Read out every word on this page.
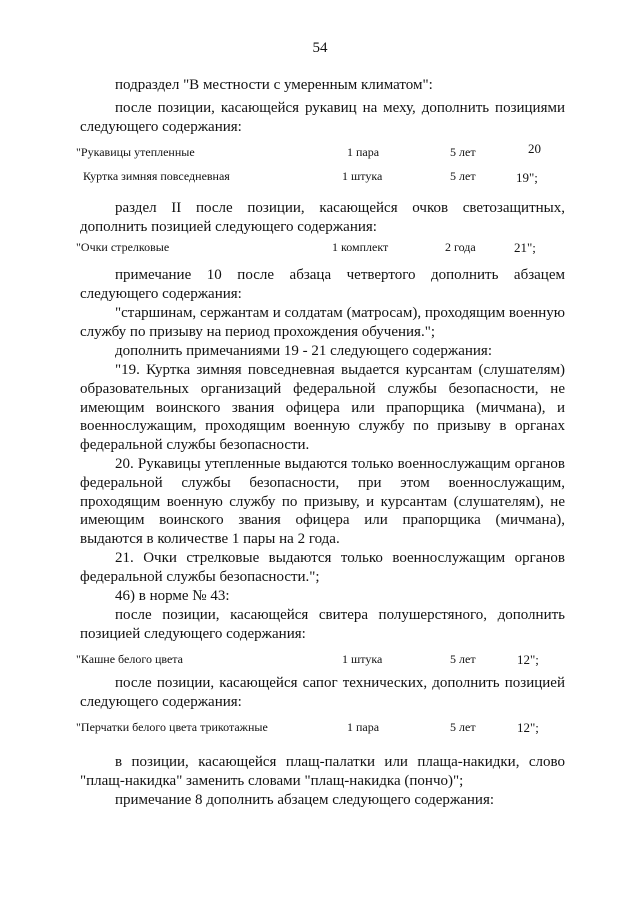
54

подраздел "В местности с умеренным климатом":

после позиции, касающейся рукавиц на меху, дополнить позициями следующего содержания:

"Рукавицы утепленные	1 пара	5 лет	20
Куртка зимняя повседневная	1 штука	5 лет	19";

раздел II после позиции, касающейся очков светозащитных, дополнить позицией следующего содержания:

"Очки стрелковые	1 комплект	2 года	21";

примечание 10 после абзаца четвертого дополнить абзацем следующего содержания:

"старшинам, сержантам и солдатам (матросам), проходящим военную службу по призыву на период прохождения обучения.";

дополнить примечаниями 19 - 21 следующего содержания:

"19. Куртка зимняя повседневная выдается курсантам (слушателям) образовательных организаций федеральной службы безопасности, не имеющим воинского звания офицера или прапорщика (мичмана), и военнослужащим, проходящим военную службу по призыву в органах федеральной службы безопасности.

20. Рукавицы утепленные выдаются только военнослужащим органов федеральной службы безопасности, при этом военнослужащим, проходящим военную службу по призыву, и курсантам (слушателям), не имеющим воинского звания офицера или прапорщика (мичмана), выдаются в количестве 1 пары на 2 года.

21. Очки стрелковые выдаются только военнослужащим органов федеральной службы безопасности.";

46) в норме № 43:

после позиции, касающейся свитера полушерстяного, дополнить позицией следующего содержания:

"Кашне белого цвета	1 штука	5 лет	12";

после позиции, касающейся сапог технических, дополнить позицией следующего содержания:

"Перчатки белого цвета трикотажные	1 пара	5 лет	12";

в позиции, касающейся плащ-палатки или плаща-накидки, слово "плащ-накидка" заменить словами "плащ-накидка (пончо)";

примечание 8 дополнить абзацем следующего содержания:
